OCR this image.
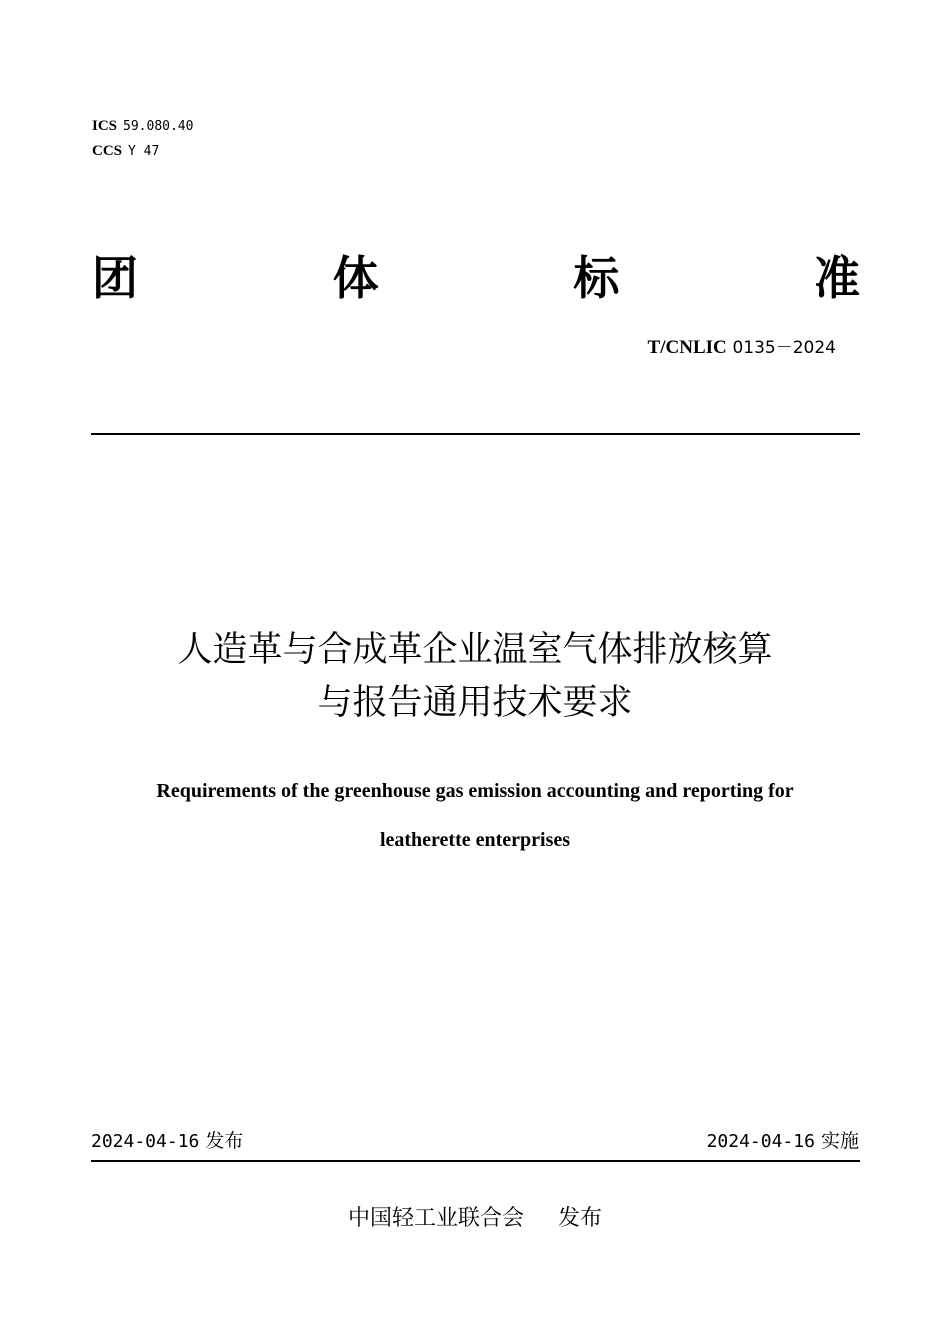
ICS 59.080.40
CCS Y 47
团	体	标	准
T/CNLIC 0135－2024
人造革与合成革企业温室气体排放核算
与报告通用技术要求
Requirements of the greenhouse gas emission accounting and reporting for
leatherette enterprises
2024-04-16 发布	2024-04-16 实施
中国轻工业联合会 发布
